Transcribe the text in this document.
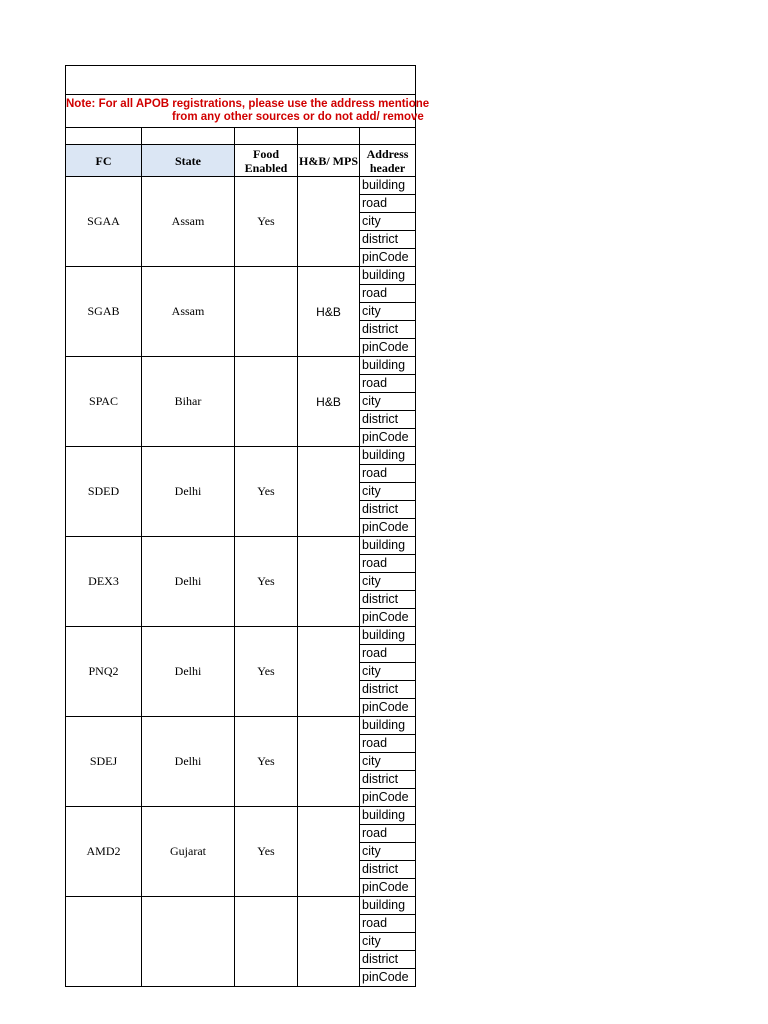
Note: For all APOB registrations, please use the address mentione
from any other sources or do not add/ remove				

FC	State	Food Enabled	H&B/ MPS	Address header
SGAA	Assam	Yes		building
				road
				city
				district
				pinCode
SGAB	Assam		H&B	building
				road
				city
				district
				pinCode
SPAC	Bihar		H&B	building
				road
				city
				district
				pinCode
SDED	Delhi	Yes		building
				road
				city
				district
				pinCode
DEX3	Delhi	Yes		building
				road
				city
				district
				pinCode
PNQ2	Delhi	Yes		building
				road
				city
				district
				pinCode
SDEJ	Delhi	Yes		building
				road
				city
				district
				pinCode
AMD2	Gujarat	Yes		building
				road
				city
				district
				pinCode
				building
				road
				city
				district
				pinCode
